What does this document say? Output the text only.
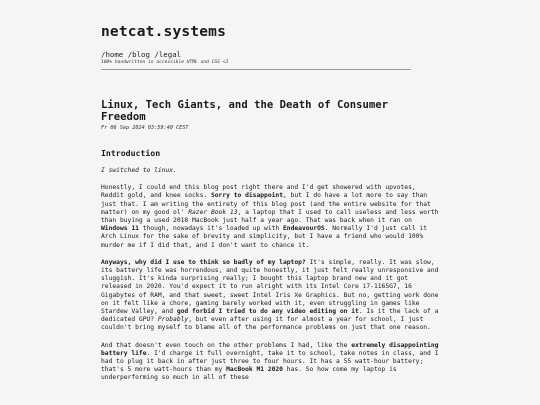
netcat.systems
/home /blog /legal
100% handwritten in accessible HTML and CSS <3
Linux, Tech Giants, and the Death of Consumer Freedom
Fr 06 Sep 2024 03:59:40 CEST
Introduction

I switched to linux.

Honestly, I could end this blog post right there and I'd get showered with upvotes, Reddit gold, and knee socks. Sorry to disappoint, but I do have a lot more to say than just that. I am writing the entirety of this blog post (and the entire website for that matter) on my good ol' Razer Book 13, a laptop that I used to call useless and less worth than buying a used 2018 MacBook just half a year ago. That was back when it ran on Windows 11 though, nowadays it's loaded up with EndeavourOS. Normally I'd just call it Arch Linux for the sake of brevity and simplicity, but I have a friend who would 100% murder me if I did that, and I don't want to chance it.

Anyways, why did I use to think so badly of my laptop? It's simple, really. It was slow, its battery life was horrendous, and quite honestly, it just felt really unresponsive and sluggish. It's kinda surprising really; I bought this laptop brand new and it got released in 2020. You'd expect it to run alright with its Intel Core i7-1165G7, 16 Gigabytes of RAM, and that sweet, sweet Intel Iris Xe Graphics. But no, getting work done on it felt like a chore, gaming barely worked with it, even struggling in games like Stardew Valley, and god forbid I tried to do any video editing on it. Is it the lack of a dedicated GPU? Probably, but even after using it for almost a year for school, I just couldn't bring myself to blame all of the performance problems on just that one reason.

And that doesn't even touch on the other problems I had, like the extremely disappointing battery life. I'd charge it full overnight, take it to school, take notes in class, and I had to plug it back in after just three to four hours. It has a 55 watt-hour battery; that's 5 more watt-hours than my MacBook M1 2020 has. So how come my laptop is underperforming so much in all of these
